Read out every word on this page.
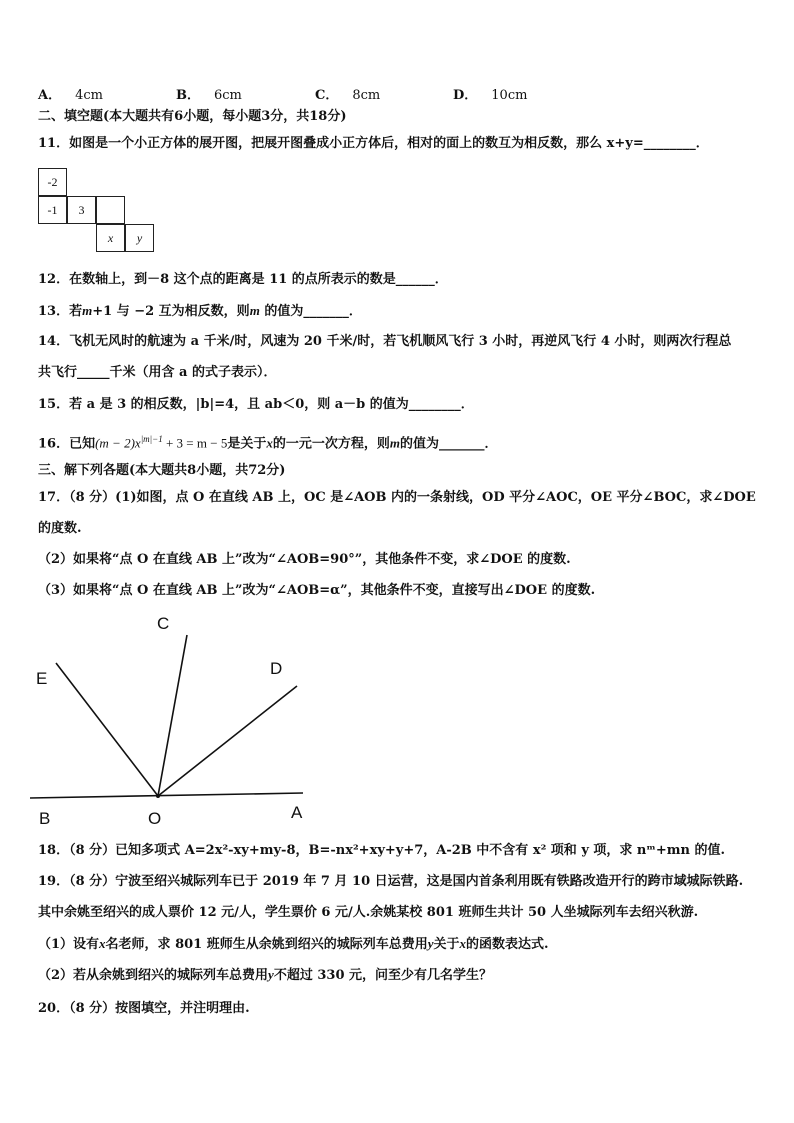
A． 4cm	B． 6cm	C． 8cm	D． 10cm
二、填空题(本大题共有6小题，每小题3分，共18分)
11．如图是一个小正方体的展开图，把展开图叠成小正方体后，相对的面上的数互为相反数，那么 x+y=________．
-2
-1	3
x	y
12．在数轴上，到－8 这个点的距离是 11 的点所表示的数是______．
13．若m+1 与 −2 互为相反数，则m 的值为_______．
14．飞机无风时的航速为 a 千米/时，风速为 20 千米/时，若飞机顺风飞行 3 小时，再逆风飞行 4 小时，则两次行程总
共飞行_____千米（用含 a 的式子表示）．
15．若 a 是 3 的相反数，|b|=4，且 ab＜0，则 a－b 的值为________．
16．已知$(m - 2)x^{|m|-1} + 3 = m - 5$是关于x的一元一次方程，则m的值为_______．
三、解下列各题(本大题共8小题，共72分)
17．（8 分）(1)如图，点 O 在直线 AB 上，OC 是∠AOB 内的一条射线，OD 平分∠AOC，OE 平分∠BOC，求∠DOE
的度数.
（2）如果将“点 O 在直线 AB 上”改为“∠AOB=90°”，其他条件不变，求∠DOE 的度数.
（3）如果将“点 O 在直线 AB 上”改为“∠AOB=α”，其他条件不变，直接写出∠DOE 的度数.
C
D
E
B	O	A
18．（8 分）已知多项式 A=2x²-xy+my-8，B=-nx²+xy+y+7，A-2B 中不含有 x² 项和 y 项，求 nᵐ+mn 的值.
19．（8 分）宁波至绍兴城际列车已于 2019 年 7 月 10 日运营，这是国内首条利用既有铁路改造开行的跨市域城际铁路.
其中余姚至绍兴的成人票价 12 元/人，学生票价 6 元/人.余姚某校 801 班师生共计 50 人坐城际列车去绍兴秋游.
（1）设有x名老师，求 801 班师生从余姚到绍兴的城际列车总费用y关于x的函数表达式.
（2）若从余姚到绍兴的城际列车总费用y不超过 330 元，问至少有几名学生？
20．（8 分）按图填空，并注明理由.
